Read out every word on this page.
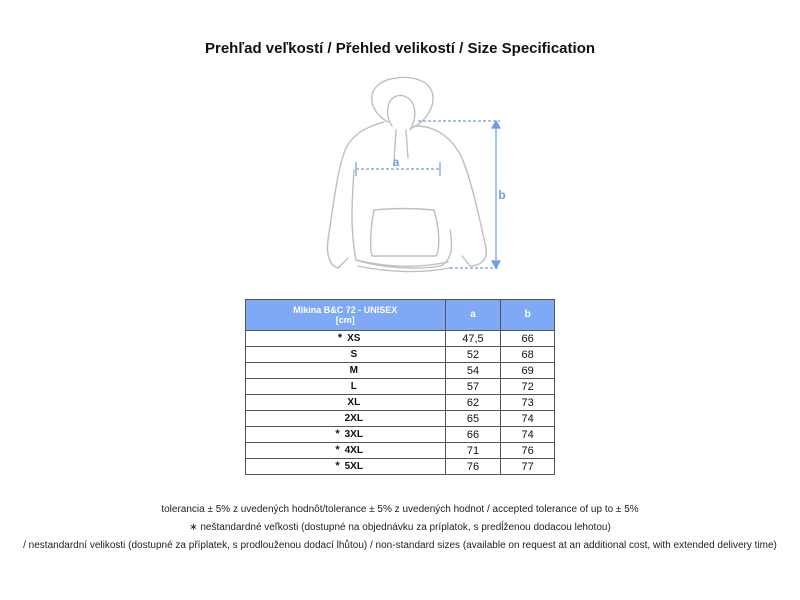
Prehľad veľkostí / Přehled velikostí / Size Specification
a
b
Mikina B&C 72 - UNISEX
[cm]	a	b
* XS	47,5	66
S	52	68
M	54	69
L	57	72
XL	62	73
2XL	65	74
* 3XL	66	74
* 4XL	71	76
* 5XL	76	77
tolerancia ± 5% z uvedených hodnôt/tolerance ± 5% z uvedených hodnot / accepted tolerance of up to ± 5%
∗ neštandardné veľkosti (dostupné na objednávku za príplatok, s predĺženou dodacou lehotou)
/ nestandardní velikosti (dostupné za příplatek, s prodlouženou dodací lhůtou) / non-standard sizes (available on request at an additional cost, with extended delivery time)
